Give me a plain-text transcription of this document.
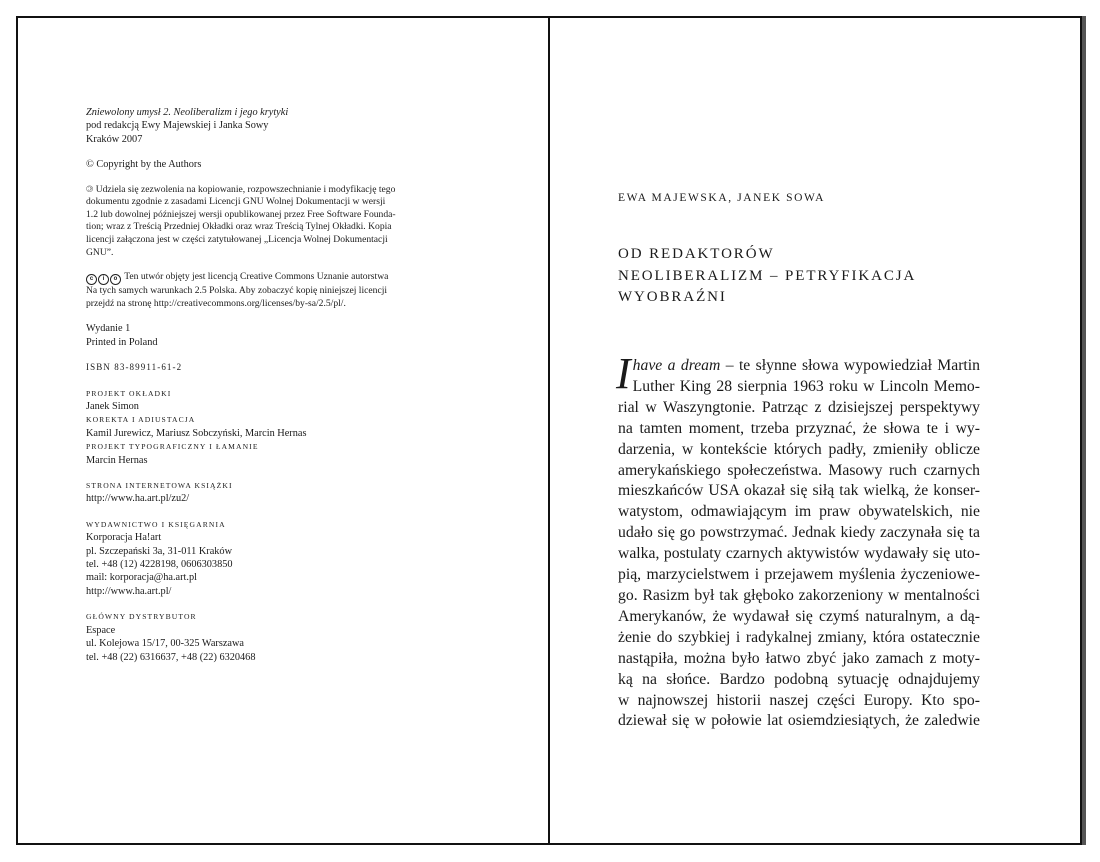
Zniewolony umysł 2. Neoliberalizm i jego krytyki

pod redakcją Ewy Majewskiej i Janka Sowy

Kraków 2007

© Copyright by the Authors

© Udziela się zezwolenia na kopiowanie, rozpowszechnianie i modyfikację tego
dokumentu zgodnie z zasadami Licencji GNU Wolnej Dokumentacji w wersji
1.2 lub dowolnej późniejszej wersji opublikowanej przez Free Software Founda-
tion; wraz z Treścią Przedniej Okładki oraz wraz Treścią Tylnej Okładki. Kopia
licencji załączona jest w części zatytułowanej „Licencja Wolnej Dokumentacji
GNU”.

c i o Ten utwór objęty jest licencją Creative Commons Uznanie autorstwa
Na tych samych warunkach 2.5 Polska. Aby zobaczyć kopię niniejszej licencji
przejdź na stronę http://creativecommons.org/licenses/by-sa/2.5/pl/.

Wydanie 1

Printed in Poland

ISBN 83-89911-61-2

PROJEKT OKŁADKI

Janek Simon

KOREKTA I ADIUSTACJA

Kamil Jurewicz, Mariusz Sobczyński, Marcin Hernas

PROJEKT TYPOGRAFICZNY I ŁAMANIE

Marcin Hernas

STRONA INTERNETOWA KSIĄŻKI

http://www.ha.art.pl/zu2/

WYDAWNICTWO I KSIĘGARNIA

Korporacja Ha!art

pl. Szczepański 3a, 31-011 Kraków

tel. +48 (12) 4228198, 0606303850

mail: korporacja@ha.art.pl

http://www.ha.art.pl/

GŁÓWNY DYSTRYBUTOR

Espace

ul. Kolejowa 15/17, 00-325 Warszawa

tel. +48 (22) 6316637, +48 (22) 6320468

EWA MAJEWSKA, JANEK SOWA
OD REDAKTORÓW
NEOLIBERALIZM – PETRYFIKACJA
WYOBRAŹNI
I have a dream – te słynne słowa wypowiedział Martin
Luther King 28 sierpnia 1963 roku w Lincoln Memo-
rial w Waszyngtonie. Patrząc z dzisiejszej perspektywy
na tamten moment, trzeba przyznać, że słowa te i wy-
darzenia, w kontekście których padły, zmieniły oblicze
amerykańskiego społeczeństwa. Masowy ruch czarnych
mieszkańców USA okazał się siłą tak wielką, że konser-
watystom, odmawiającym im praw obywatelskich, nie
udało się go powstrzymać. Jednak kiedy zaczynała się ta
walka, postulaty czarnych aktywistów wydawały się uto-
pią, marzycielstwem i przejawem myślenia życzeniowe-
go. Rasizm był tak głęboko zakorzeniony w mentalności
Amerykanów, że wydawał się czymś naturalnym, a dą-
żenie do szybkiej i radykalnej zmiany, która ostatecznie
nastąpiła, można było łatwo zbyć jako zamach z moty-
ką na słońce. Bardzo podobną sytuację odnajdujemy
w najnowszej historii naszej części Europy. Kto spo-
dziewał się w połowie lat osiemdziesiątych, że zaledwie
